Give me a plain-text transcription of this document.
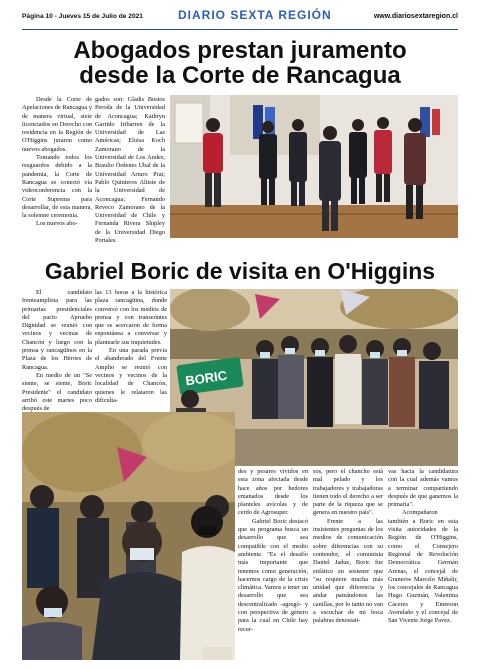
Página 10 - Jueves 15 de Julio de 2021	DIARIO SEXTA REGIÓN	www.diariosextaregion.cl
Abogados prestan juramento
desde la Corte de Rancagua

Desde la Corte de Apelaciones de Rancagua y de manera virtual, siete licenciados en Derecho con residencia en la Región de O'Higgins juraron como nuevos abogados.

Tomando todos los resguardos debido a la pandemia, la Corte de Rancagua se conectó vía videoconferencia con la Corte Suprema para desarrollar, de esta manera, la solemne ceremonia.

Los nuevos abo-

gados son: Gladis Bustos Peroda de la Universidad de Aconcagua; Kathryn Garrido Iribarren de la Universidad de Las Américas; Eloisa Koch Zamorano de la Universidad de Los Andes; Braulio Órdenes Ubal de la Universidad Arturo Prat; Pablo Quinteros Altiste de la Universidad de Aconcagua; Fernando Reveco Zamorano de la Universidad de Chile y Fernanda Rivera Shipley de la Universidad Diego Portales.

Gabriel Boric de visita en O'Higgins

El candidato frenteamplista para las primarias presidenciales del pacto Apruebo Dignidad se reunió con vecinos y vecinas de Chancón y luego con la prensa y rancagüinos en la Plaza de los Héroes de Rancagua.

En medio de un "Se siente, se siente, Boric Presidente" el candidato arribó este martes poco después de

las 13 horas a la histórica plaza rancagüina, donde conversó con los medios de prensa y con transeúntes que se acercaron de forma espontánea a conversar y plantearle sus inquietudes.

En una parada previa el abanderado del Frente Amplio se reunió con vecinos y vecinos de la localidad de Chancón, quienes le relataron las dificulta-

BORIC

des y pesares vividos en esta zona afectada desde hace años por hedores emanados desde los planteles avícolas y de cerdo de Agrosuper.

Gabriel Boric destacó que su programa busca un desarrollo que sea compatible con el medio ambiente. "Es el desafío más importante que tenemos como generación, hacernos cargo de la crisis climática. Vamos a tener un desarrollo que sea descentralizado -agregó- y con perspectiva de género para la cual en Chile hay recur-

sos, pero el chancho está mal pelado y los trabajadores y trabajadoras tienen todo el derecho a ser parte de la riqueza que se genera en nuestro país".

Frente a las insistentes preguntas de los medios de comunicación sobre diferencias con su contendor, el comunista Daniel Jadue, Boric fue enfático en sostener que "su requiere mucha más unidad que diferencia y andar pateándonos las canillas, por lo tanto no van a escuchar de mi boca palabras denostati-

vas hacia la candidatura con la cual además vamos a terminar compartiendo después de que ganemos la primaria".

Acompañaron también a Boric en esta visita autoridades de la Región de O'Higgins, como el Consejero Regional de Revolución Democrática Germán Arenas, el concejal de Graneros Marcelo Miñalir, los concejales de Rancagua Hugo Guzmán, Valentina Cáceres y Emerson Avendaño y el concejal de San Vicente Jorge Pavez.
